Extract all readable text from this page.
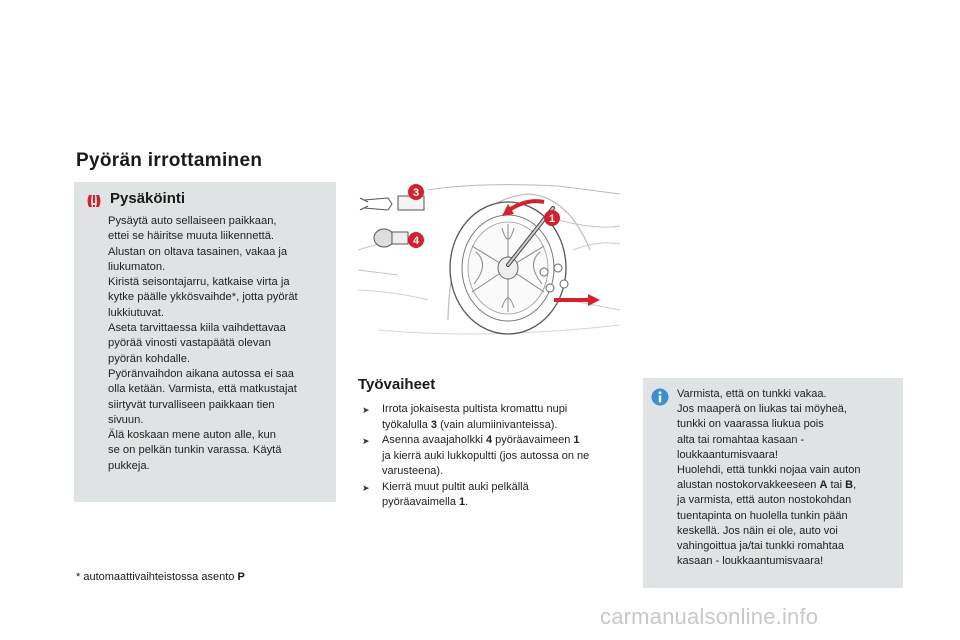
Pyörän irrottaminen
Pysäköinti
Pysäytä auto sellaiseen paikkaan,
ettei se häiritse muuta liikennettä.
Alustan on oltava tasainen, vakaa ja
liukumaton.
Kiristä seisontajarru, katkaise virta ja
kytke päälle ykkösvaihde*, jotta pyörät
lukkiutuvat.
Aseta tarvittaessa kiila vaihdettavaa
pyörää vinosti vastapäätä olevan
pyörän kohdalle.
Pyöränvaihdon aikana autossa ei saa
olla ketään. Varmista, että matkustajat
siirtyvät turvalliseen paikkaan tien
sivuun.
Älä koskaan mene auton alle, kun
se on pelkän tunkin varassa. Käytä
pukkeja.
* automaattivaihteistossa asento P
3
4
1
Työvaiheet
➤ Irrota jokaisesta pultista kromattu nupi
työkalulla 3 (vain alumiinivanteissa).
➤ Asenna avaajaholkki 4 pyöräavaimeen 1
ja kierrä auki lukkopultti (jos autossa on ne
varusteena).
➤ Kierrä muut pultit auki pelkällä
pyöräavaimella 1.
Varmista, että on tunkki vakaa.
Jos maaperä on liukas tai möyheä,
tunkki on vaarassa liukua pois
alta tai romahtaa kasaan -
loukkaantumisvaara!
Huolehdi, että tunkki nojaa vain auton
alustan nostokorvakkeeseen A tai B,
ja varmista, että auton nostokohdan
tuentapinta on huolella tunkin pään
keskellä. Jos näin ei ole, auto voi
vahingoittua ja/tai tunkki romahtaa
kasaan - loukkaantumisvaara!
carmanualsonline.info
